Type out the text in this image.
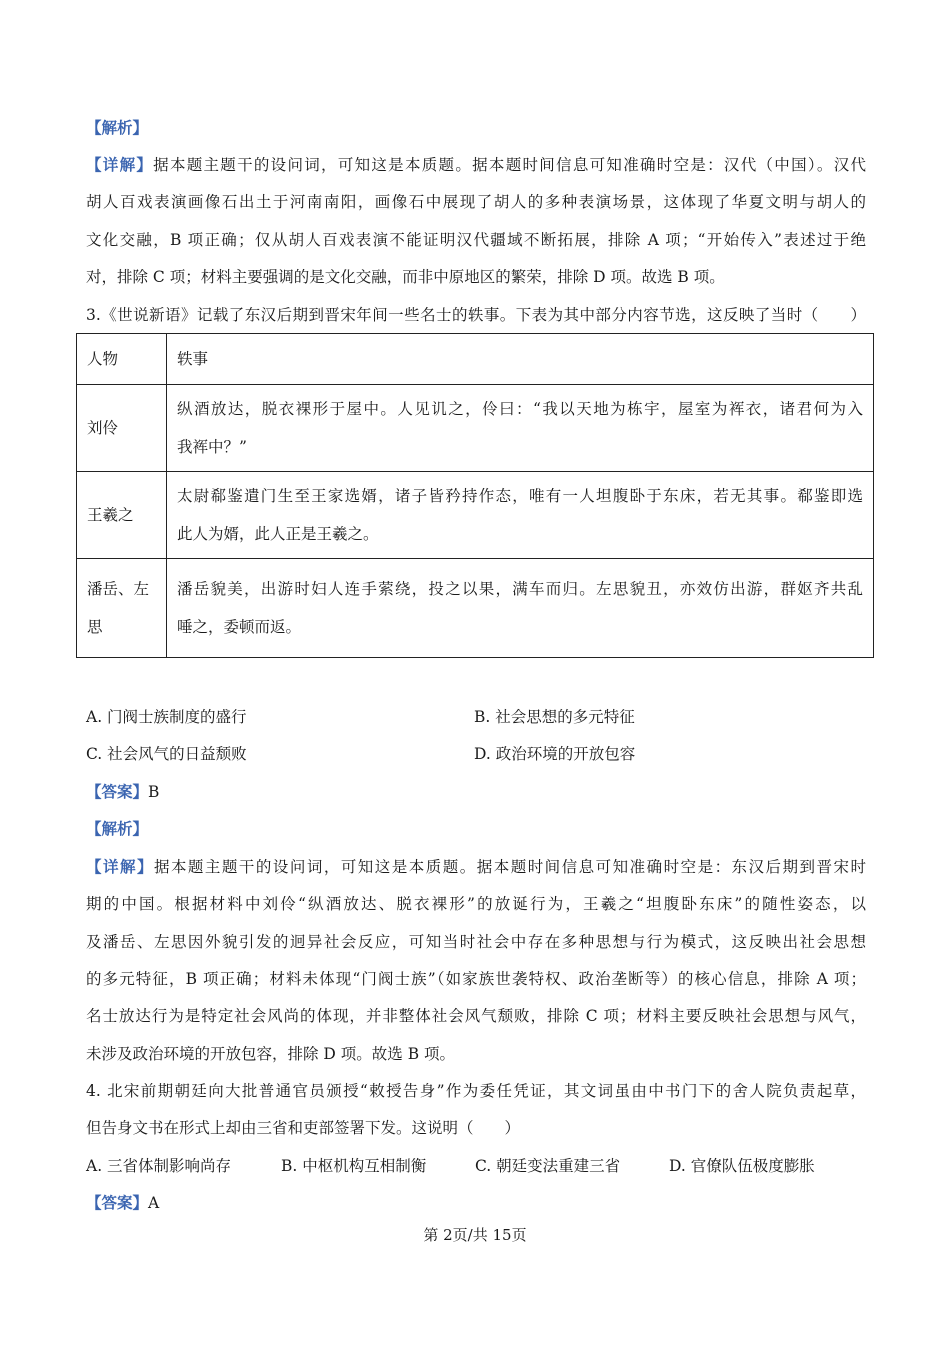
【解析】
【详解】据本题主题干的设问词，可知这是本质题。据本题时间信息可知准确时空是：汉代（中国）。汉代
胡人百戏表演画像石出土于河南南阳，画像石中展现了胡人的多种表演场景，这体现了华夏文明与胡人的
文化交融，B 项正确；仅从胡人百戏表演不能证明汉代疆域不断拓展，排除 A 项；“开始传入”表述过于绝
对，排除 C 项；材料主要强调的是文化交融，而非中原地区的繁荣，排除 D 项。故选 B 项。
3.《世说新语》记载了东汉后期到晋宋年间一些名士的轶事。下表为其中部分内容节选，这反映了当时（　　）
人物	轶事

刘伶	纵酒放达，脱衣裸形于屋中。人见讥之，伶曰：“我以天地为栋宇，屋室为裈衣，诸君何为入
我裈中？”

王羲之	太尉郗鉴遣门生至王家选婿，诸子皆矜持作态，唯有一人坦腹卧于东床，若无其事。郗鉴即选
此人为婿，此人正是王羲之。

潘岳、左
思	潘岳貌美，出游时妇人连手萦绕，投之以果，满车而归。左思貌丑，亦效仿出游，群妪齐共乱
唾之，委顿而返。
A. 门阀士族制度的盛行	B. 社会思想的多元特征
C. 社会风气的日益颓败	D. 政治环境的开放包容
【答案】B
【解析】
【详解】据本题主题干的设问词，可知这是本质题。据本题时间信息可知准确时空是：东汉后期到晋宋时
期的中国。根据材料中刘伶“纵酒放达、脱衣裸形”的放诞行为，王羲之“坦腹卧东床”的随性姿态，以
及潘岳、左思因外貌引发的迥异社会反应，可知当时社会中存在多种思想与行为模式，这反映出社会思想
的多元特征，B 项正确；材料未体现“门阀士族”（如家族世袭特权、政治垄断等）的核心信息，排除 A 项；
名士放达行为是特定社会风尚的体现，并非整体社会风气颓败，排除 C 项；材料主要反映社会思想与风气，
未涉及政治环境的开放包容，排除 D 项。故选 B 项。
4. 北宋前期朝廷向大批普通官员颁授“敕授告身”作为委任凭证，其文词虽由中书门下的舍人院负责起草，
但告身文书在形式上却由三省和吏部签署下发。这说明（　　）
A. 三省体制影响尚存	B. 中枢机构互相制衡	C. 朝廷变法重建三省	D. 官僚队伍极度膨胀
【答案】A
第 2页/共 15页
